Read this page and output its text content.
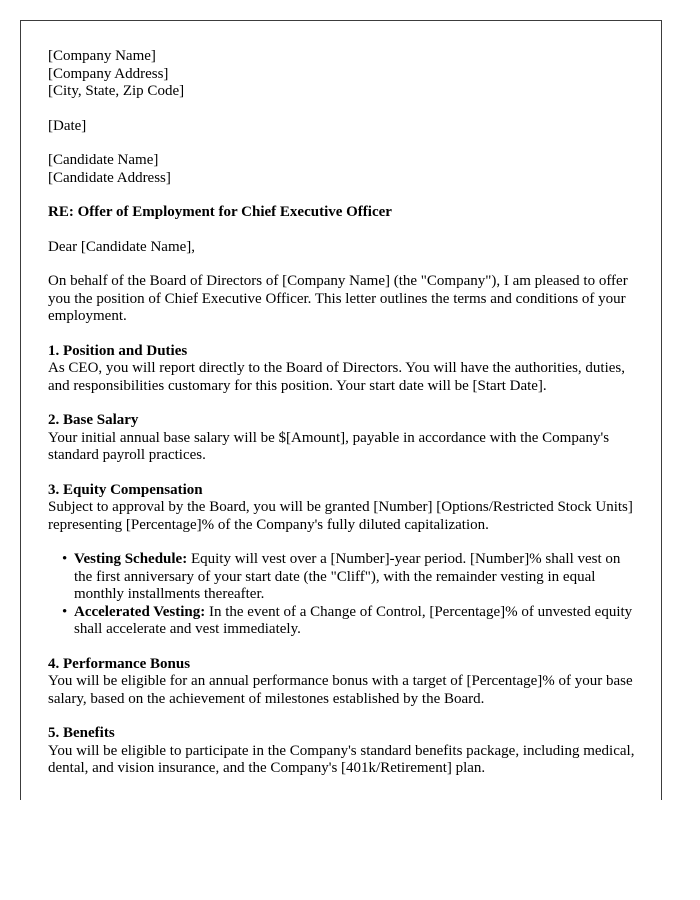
[Company Name]
[Company Address]
[City, State, Zip Code]
[Date]
[Candidate Name]
[Candidate Address]
RE: Offer of Employment for Chief Executive Officer
Dear [Candidate Name],
On behalf of the Board of Directors of [Company Name] (the "Company"), I am pleased to offer you the position of Chief Executive Officer. This letter outlines the terms and conditions of your employment.
1. Position and Duties
As CEO, you will report directly to the Board of Directors. You will have the authorities, duties, and responsibilities customary for this position. Your start date will be [Start Date].
2. Base Salary
Your initial annual base salary will be $[Amount], payable in accordance with the Company's standard payroll practices.
3. Equity Compensation
Subject to approval by the Board, you will be granted [Number] [Options/Restricted Stock Units] representing [Percentage]% of the Company's fully diluted capitalization.
• Vesting Schedule: Equity will vest over a [Number]-year period. [Number]% shall vest on the first anniversary of your start date (the "Cliff"), with the remainder vesting in equal monthly installments thereafter.
• Accelerated Vesting: In the event of a Change of Control, [Percentage]% of unvested equity shall accelerate and vest immediately.
4. Performance Bonus
You will be eligible for an annual performance bonus with a target of [Percentage]% of your base salary, based on the achievement of milestones established by the Board.
5. Benefits
You will be eligible to participate in the Company's standard benefits package, including medical, dental, and vision insurance, and the Company's [401k/Retirement] plan.
